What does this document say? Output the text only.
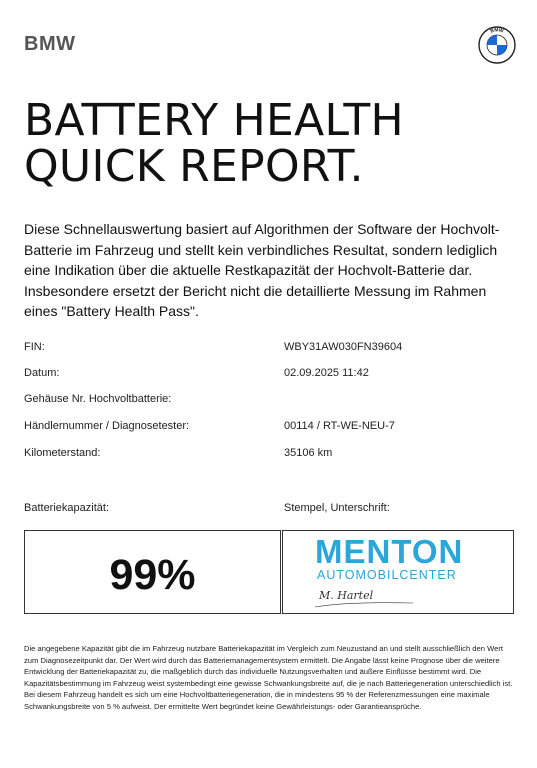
BMW
BMW
BATTERY HEALTH
QUICK REPORT.

Diese Schnellauswertung basiert auf Algorithmen der Software der Hochvolt-Batterie im Fahrzeug und stellt kein verbindliches Resultat, sondern lediglich eine Indikation über die aktuelle Restkapazität der Hochvolt-Batterie dar. Insbesondere ersetzt der Bericht nicht die detaillierte Messung im Rahmen eines "Battery Health Pass".

FIN:	WBY31AW030FN39604
Datum:	02.09.2025 11:42
Gehäuse Nr. Hochvoltbatterie:
Händlernummer / Diagnosetester:	00114 / RT-WE-NEU-7
Kilometerstand:	35106 km
Batteriekapazität:	Stempel, Unterschrift:
99%	MENTON
AUTOMOBILCENTER
M. Hartel

Die angegebene Kapazität gibt die im Fahrzeug nutzbare Batteriekapazität im Vergleich zum Neuzustand an und stellt ausschließlich den Wert zum Diagnosezeitpunkt dar. Der Wert wird durch das Batteriemanagementsystem ermittelt. Die Angabe lässt keine Prognose über die weitere Entwicklung der Batteriekapazität zu, die maßgeblich durch das individuelle Nutzungsverhalten und äußere Einflüsse bestimmt wird. Die Kapazitätsbestimmung im Fahrzeug weist systembedingt eine gewisse Schwankungsbreite auf, die je nach Batteriegeneration unterschiedlich ist. Bei diesem Fahrzeug handelt es sich um eine Hochvoltbatteriegeneration, die in mindestens 95 % der Referenzmessungen eine maximale Schwankungsbreite von 5 % aufweist. Der ermittelte Wert begründet keine Gewährleistungs- oder Garantieansprüche.
